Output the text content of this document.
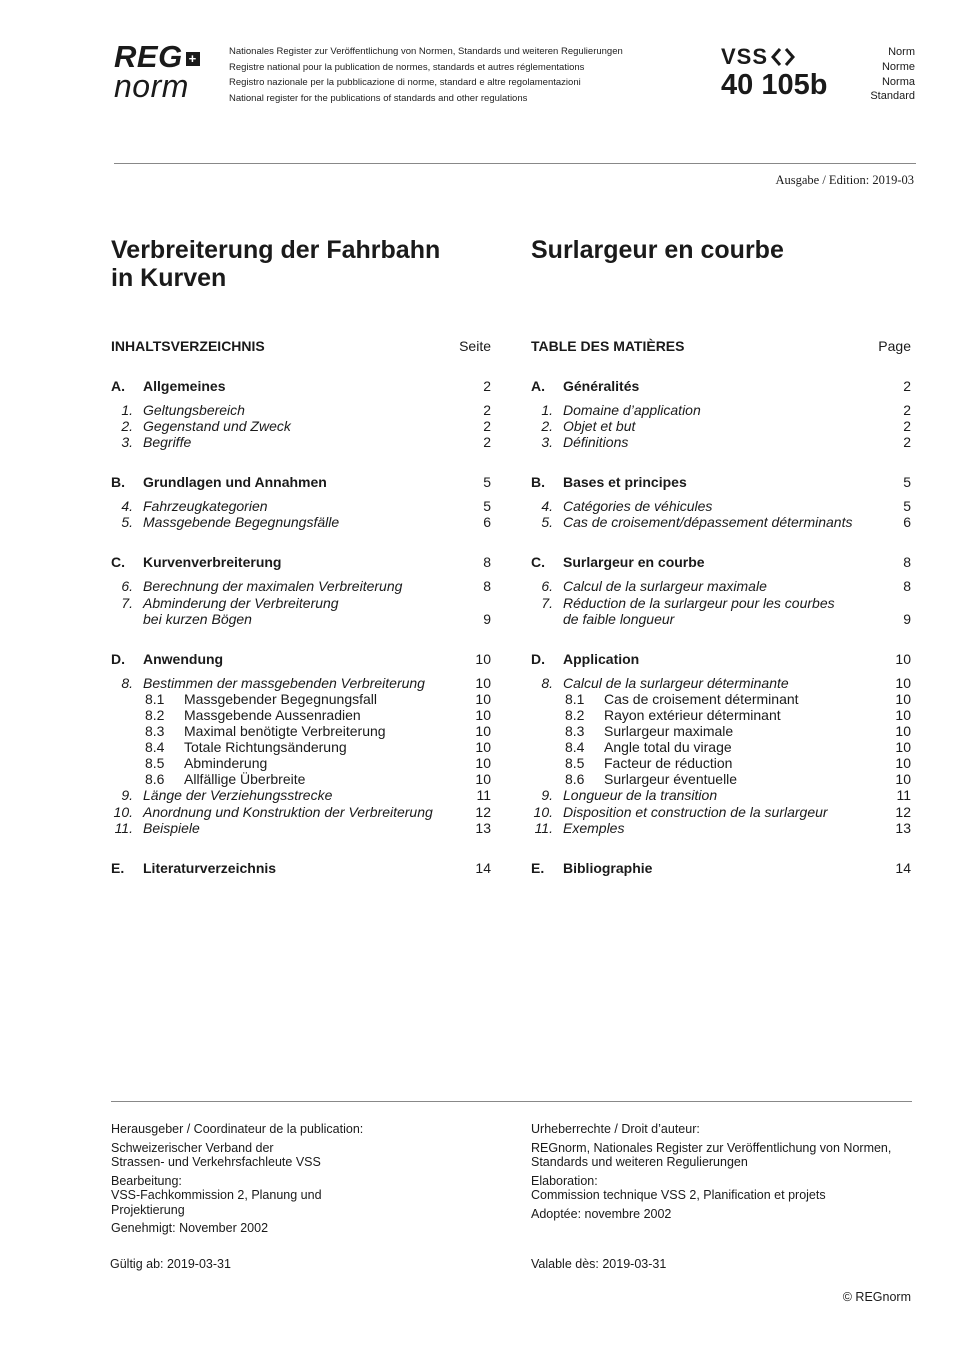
REG +
norm
Nationales Register zur Veröffentlichung von Normen, Standards und weiteren Regulierungen
Registre national pour la publication de normes, standards et autres réglementations
Registro nazionale per la pubblicazione di norme, standard e altre regolamentazioni
National register for the publications of standards and other regulations
VSS
40 105b
Norm
Norme
Norma
Standard
Ausgabe / Edition: 2019-03
Verbreiterung der Fahrbahn
in Kurven
Surlargeur en courbe
INHALTSVERZEICHNIS	Seite
A.	Allgemeines	2
1. Geltungsbereich	2
2. Gegenstand und Zweck	2
3. Begriffe	2
B.	Grundlagen und Annahmen	5
4. Fahrzeugkategorien	5
5. Massgebende Begegnungsfälle	6
C.	Kurvenverbreiterung	8
6. Berechnung der maximalen Verbreiterung	8
7. Abminderung der Verbreiterung
bei kurzen Bögen	9
D.	Anwendung	10
8. Bestimmen der massgebenden Verbreiterung	10
8.1	Massgebender Begegnungsfall	10
8.2	Massgebende Aussenradien	10
8.3	Maximal benötigte Verbreiterung	10
8.4	Totale Richtungsänderung	10
8.5	Abminderung	10
8.6	Allfällige Überbreite	10
9. Länge der Verziehungsstrecke	11
10. Anordnung und Konstruktion der Verbreiterung	12
11. Beispiele	13
E.	Literaturverzeichnis	14
TABLE DES MATIÈRES	Page
A.	Généralités	2
1. Domaine d’application	2
2. Objet et but	2
3. Définitions	2
B.	Bases et principes	5
4. Catégories de véhicules	5
5. Cas de croisement/dépassement déterminants	6
C.	Surlargeur en courbe	8
6. Calcul de la surlargeur maximale	8
7. Réduction de la surlargeur pour les courbes
de faible longueur	9
D.	Application	10
8. Calcul de la surlargeur déterminante	10
8.1	Cas de croisement déterminant	10
8.2	Rayon extérieur déterminant	10
8.3	Surlargeur maximale	10
8.4	Angle total du virage	10
8.5	Facteur de réduction	10
8.6	Surlargeur éventuelle	10
9. Longueur de la transition	11
10. Disposition et construction de la surlargeur	12
11. Exemples	13
E.	Bibliographie	14
Herausgeber / Coordinateur de la publication:
Schweizerischer Verband der
Strassen- und Verkehrsfachleute VSS
Bearbeitung:
VSS-Fachkommission 2, Planung und
Projektierung
Genehmigt: November 2002
Urheberrechte / Droit d’auteur:
REGnorm, Nationales Register zur Veröffentlichung von Normen,
Standards und weiteren Regulierungen
Elaboration:
Commission technique VSS 2, Planification et projets
Adoptée: novembre 2002
Gültig ab: 2019-03-31	Valable dès: 2019-03-31
© REGnorm
